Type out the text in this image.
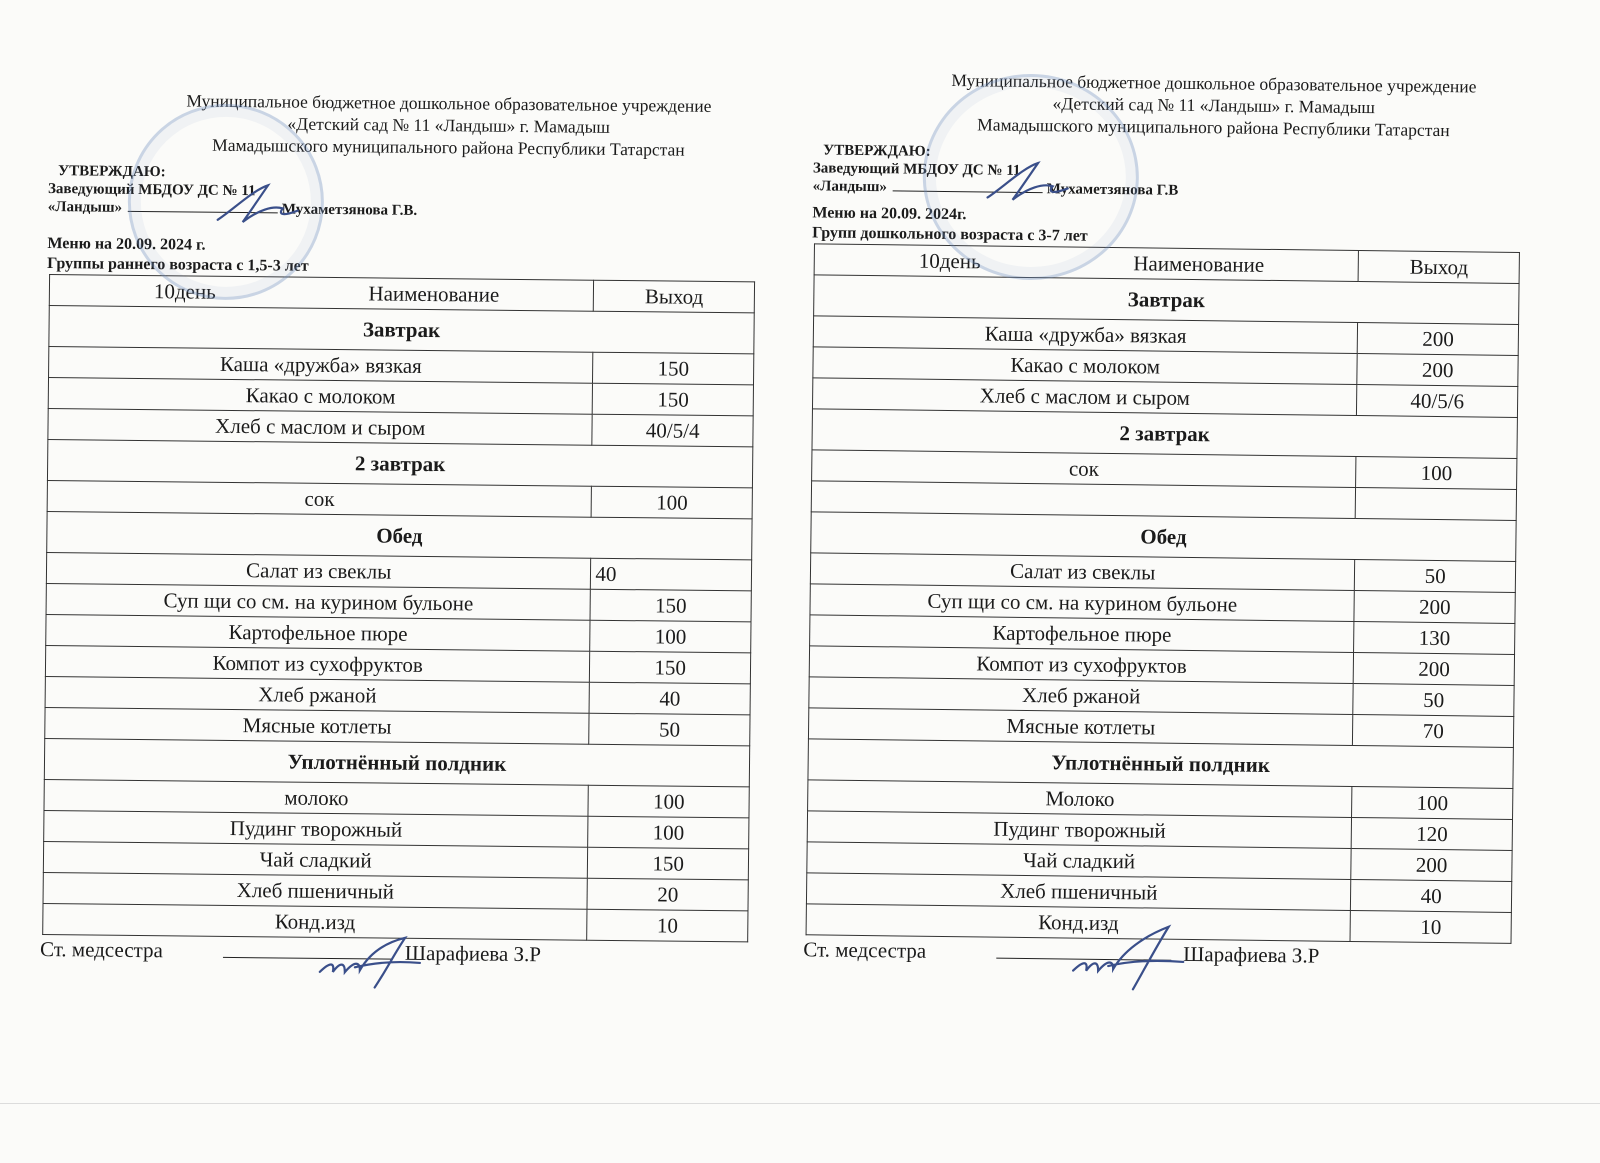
Муниципальное бюджетное дошкольное образовательное учреждение
«Детский сад № 11 «Ландыш» г. Мамадыш
Мамадышского муниципального района Республики Татарстан
УТВЕРЖДАЮ:
Заведующий МБДОУ ДС № 11
«Ландыш»	Мухаметзянова Г.В.
Меню на 20.09. 2024 г.
Группы раннего возраста с 1,5-3 лет
10день Наименование	Выход
Завтрак	
Каша «дружба» вязкая	150
Какао с молоком	150
Хлеб с маслом и сыром	40/5/4
2 завтрак	
сок	100
Обед	
Салат из свеклы	40
Суп щи со см. на курином бульоне	150
Картофельное пюре	100
Компот из сухофруктов	150
Хлеб ржаной	40
Мясные котлеты	50
Уплотнённый полдник	
молоко	100
Пудинг творожный	100
Чай сладкий	150
Хлеб пшеничный	20
Конд.изд	10
Ст. медсестра	Шарафиева З.Р
Муниципальное бюджетное дошкольное образовательное учреждение
«Детский сад № 11 «Ландыш» г. Мамадыш
Мамадышского муниципального района Республики Татарстан
УТВЕРЖДАЮ:
Заведующий МБДОУ ДС № 11
«Ландыш»	Мухаметзянова Г.В
Меню на 20.09. 2024г.
Групп дошкольного возраста с 3-7 лет
10день Наименование	Выход
Завтрак	
Каша «дружба» вязкая	200
Какао с молоком	200
Хлеб с маслом и сыром	40/5/6
2 завтрак	
сок	100

Обед	
Салат из свеклы	50
Суп щи со см. на курином бульоне	200
Картофельное пюре	130
Компот из сухофруктов	200
Хлеб ржаной	50
Мясные котлеты	70
Уплотнённый полдник	
Молоко	100
Пудинг творожный	120
Чай сладкий	200
Хлеб пшеничный	40
Конд.изд	10
Ст. медсестра	Шарафиева З.Р
